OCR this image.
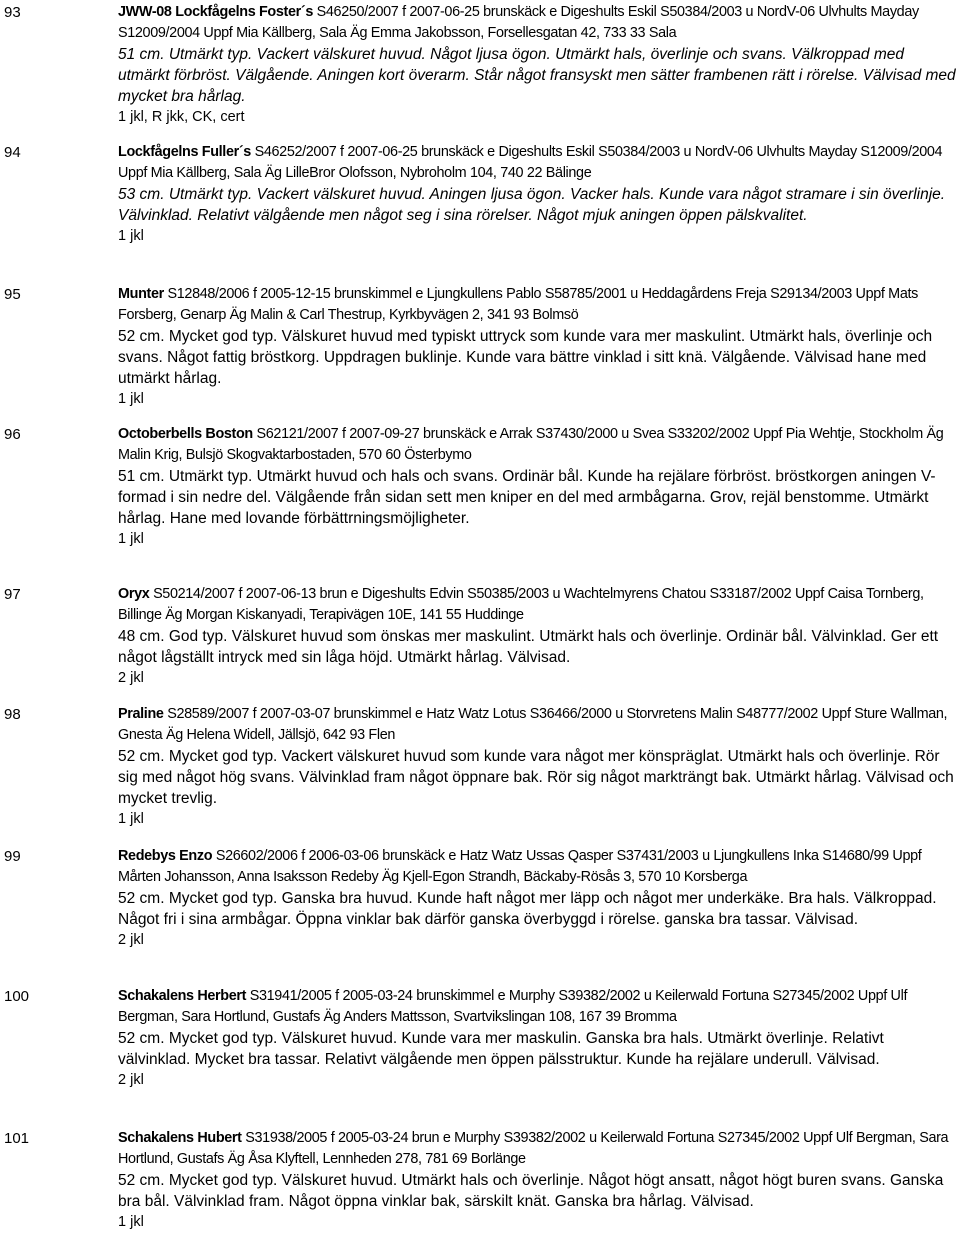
93	JWW-08 Lockfågelns Foster´s S46250/2007 f 2007-06-25 brunskäck e Digeshults Eskil S50384/2003 u NordV-06 Ulvhults Mayday S12009/2004 Uppf Mia Källberg, Sala Äg Emma Jakobsson, Forsellesgatan 42, 733 33 Sala
51 cm. Utmärkt typ. Vackert välskuret huvud. Något ljusa ögon. Utmärkt hals, överlinje och svans. Välkroppad med utmärkt förbröst. Välgående. Aningen kort överarm. Står något fransyskt men sätter frambenen rätt i rörelse. Välvisad med mycket bra hårlag.
1 jkl, R jkk, CK, cert
94	Lockfågelns Fuller´s S46252/2007 f 2007-06-25 brunskäck e Digeshults Eskil S50384/2003 u NordV-06 Ulvhults Mayday S12009/2004 Uppf Mia Källberg, Sala Äg LilleBror Olofsson, Nybroholm 104, 740 22 Bälinge
53 cm. Utmärkt typ. Vackert välskuret huvud. Aningen ljusa ögon. Vacker hals. Kunde vara något stramare i sin överlinje. Välvinklad. Relativt välgående men något seg i sina rörelser. Något mjuk aningen öppen pälskvalitet.
1 jkl
95	Munter S12848/2006 f 2005-12-15 brunskimmel e Ljungkullens Pablo S58785/2001 u Heddagårdens Freja S29134/2003 Uppf Mats Forsberg, Genarp Äg Malin & Carl Thestrup, Kyrkbyvägen 2, 341 93 Bolmsö
52 cm. Mycket god typ. Välskuret huvud med typiskt uttryck som kunde vara mer maskulint. Utmärkt hals, överlinje och svans. Något fattig bröstkorg. Uppdragen buklinje. Kunde vara bättre vinklad i sitt knä. Välgående. Välvisad hane med utmärkt hårlag.
1 jkl
96	Octoberbells Boston S62121/2007 f 2007-09-27 brunskäck e Arrak S37430/2000 u Svea S33202/2002 Uppf Pia Wehtje, Stockholm Äg Malin Krig, Bulsjö Skogvaktarbostaden, 570 60 Österbymo
51 cm. Utmärkt typ. Utmärkt huvud och hals och svans. Ordinär bål. Kunde ha rejälare förbröst. bröstkorgen aningen V-formad i sin nedre del. Välgående från sidan sett men kniper en del med armbågarna. Grov, rejäl benstomme. Utmärkt hårlag. Hane med lovande förbättrningsmöjligheter.
1 jkl
97	Oryx S50214/2007 f 2007-06-13 brun e Digeshults Edvin S50385/2003 u Wachtelmyrens Chatou S33187/2002 Uppf Caisa Tornberg, Billinge Äg Morgan Kiskanyadi, Terapivägen 10E, 141 55 Huddinge
48 cm. God typ. Välskuret huvud som önskas mer maskulint. Utmärkt hals och överlinje. Ordinär bål. Välvinklad. Ger ett något lågställt intryck med sin låga höjd. Utmärkt hårlag. Välvisad.
2 jkl
98	Praline S28589/2007 f 2007-03-07 brunskimmel e Hatz Watz Lotus S36466/2000 u Storvretens Malin S48777/2002 Uppf Sture Wallman, Gnesta Äg Helena Widell, Jällsjö, 642 93 Flen
52 cm. Mycket god typ. Vackert välskuret huvud som kunde vara något mer könspräglat. Utmärkt hals och överlinje. Rör sig med något hög svans. Välvinklad fram något öppnare bak. Rör sig något markträngt bak. Utmärkt hårlag. Välvisad och mycket trevlig.
1 jkl
99	Redebys Enzo S26602/2006 f 2006-03-06 brunskäck e Hatz Watz Ussas Qasper S37431/2003 u Ljungkullens Inka S14680/99 Uppf Mårten Johansson, Anna Isaksson Redeby Äg Kjell-Egon Strandh, Bäckaby-Rösås 3, 570 10 Korsberga
52 cm. Mycket god typ. Ganska bra huvud. Kunde haft något mer läpp och något mer underkäke. Bra hals. Välkroppad. Något fri i sina armbågar. Öppna vinklar bak därför ganska överbyggd i rörelse. ganska bra tassar. Välvisad.
2 jkl
100	Schakalens Herbert S31941/2005 f 2005-03-24 brunskimmel e Murphy S39382/2002 u Keilerwald Fortuna S27345/2002 Uppf Ulf Bergman, Sara Hortlund, Gustafs Äg Anders Mattsson, Svartvikslingan 108, 167 39 Bromma
52 cm. Mycket god typ. Välskuret huvud. Kunde vara mer maskulin. Ganska bra hals. Utmärkt överlinje. Relativt välvinklad. Mycket bra tassar. Relativt välgående men öppen pälsstruktur. Kunde ha rejälare underull. Välvisad.
2 jkl
101	Schakalens Hubert S31938/2005 f 2005-03-24 brun e Murphy S39382/2002 u Keilerwald Fortuna S27345/2002 Uppf Ulf Bergman, Sara Hortlund, Gustafs Äg Åsa Klyftell, Lennheden 278, 781 69 Borlänge
52 cm. Mycket god typ. Välskuret huvud. Utmärkt hals och överlinje. Något högt ansatt, något högt buren svans. Ganska bra bål. Välvinklad fram. Något öppna vinklar bak, särskilt knät. Ganska bra hårlag. Välvisad.
1 jkl
